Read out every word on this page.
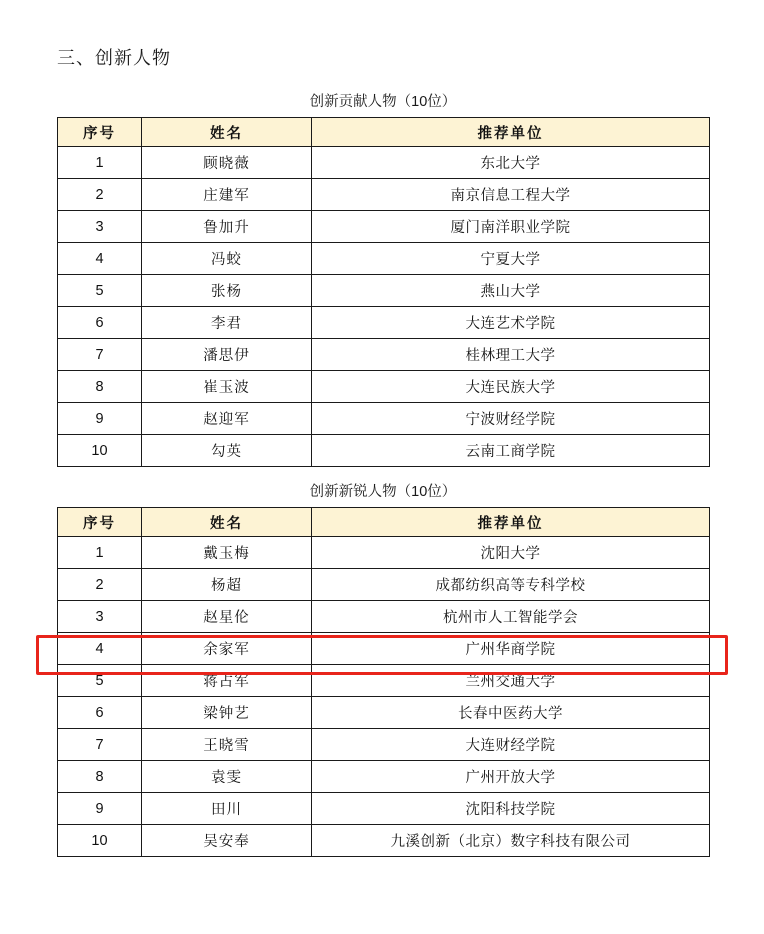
三、创新人物
创新贡献人物（10位）
序号	姓名	推荐单位
1	顾晓薇	东北大学
2	庄建军	南京信息工程大学
3	鲁加升	厦门南洋职业学院
4	冯蛟	宁夏大学
5	张杨	燕山大学
6	李君	大连艺术学院
7	潘思伊	桂林理工大学
8	崔玉波	大连民族大学
9	赵迎军	宁波财经学院
10	勾英	云南工商学院
创新新锐人物（10位）
序号	姓名	推荐单位
1	戴玉梅	沈阳大学
2	杨超	成都纺织高等专科学校
3	赵星伦	杭州市人工智能学会
4	余家军	广州华商学院
5	蒋占军	兰州交通大学
6	梁钟艺	长春中医药大学
7	王晓雪	大连财经学院
8	袁雯	广州开放大学
9	田川	沈阳科技学院
10	吴安奉	九溪创新（北京）数字科技有限公司
